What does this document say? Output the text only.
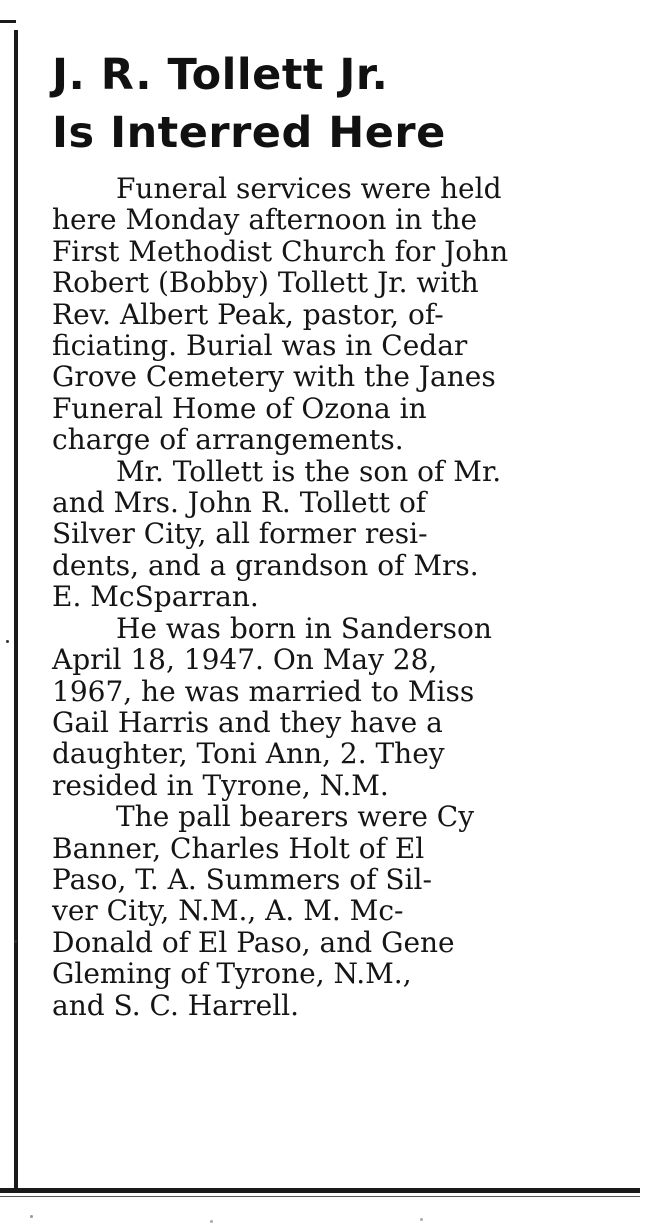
J. R. Tollett Jr.
Is Interred Here

Funeral services were held
here Monday afternoon in the
First Methodist Church for John
Robert (Bobby) Tollett Jr. with
Rev. Albert Peak, pastor, of-
ficiating. Burial was in Cedar
Grove Cemetery with the Janes
Funeral Home of Ozona in
charge of arrangements.

Mr. Tollett is the son of Mr.
and Mrs. John R. Tollett of
Silver City, all former resi-
dents, and a grandson of Mrs.
E. McSparran.

He was born in Sanderson
April 18, 1947. On May 28,
1967, he was married to Miss
Gail Harris and they have a
daughter, Toni Ann, 2. They
resided in Tyrone, N.M.

The pall bearers were Cy
Banner, Charles Holt of El
Paso, T. A. Summers of Sil-
ver City, N.M., A. M. Mc-
Donald of El Paso, and Gene
Gleming of Tyrone, N.M.,
and S. C. Harrell.
